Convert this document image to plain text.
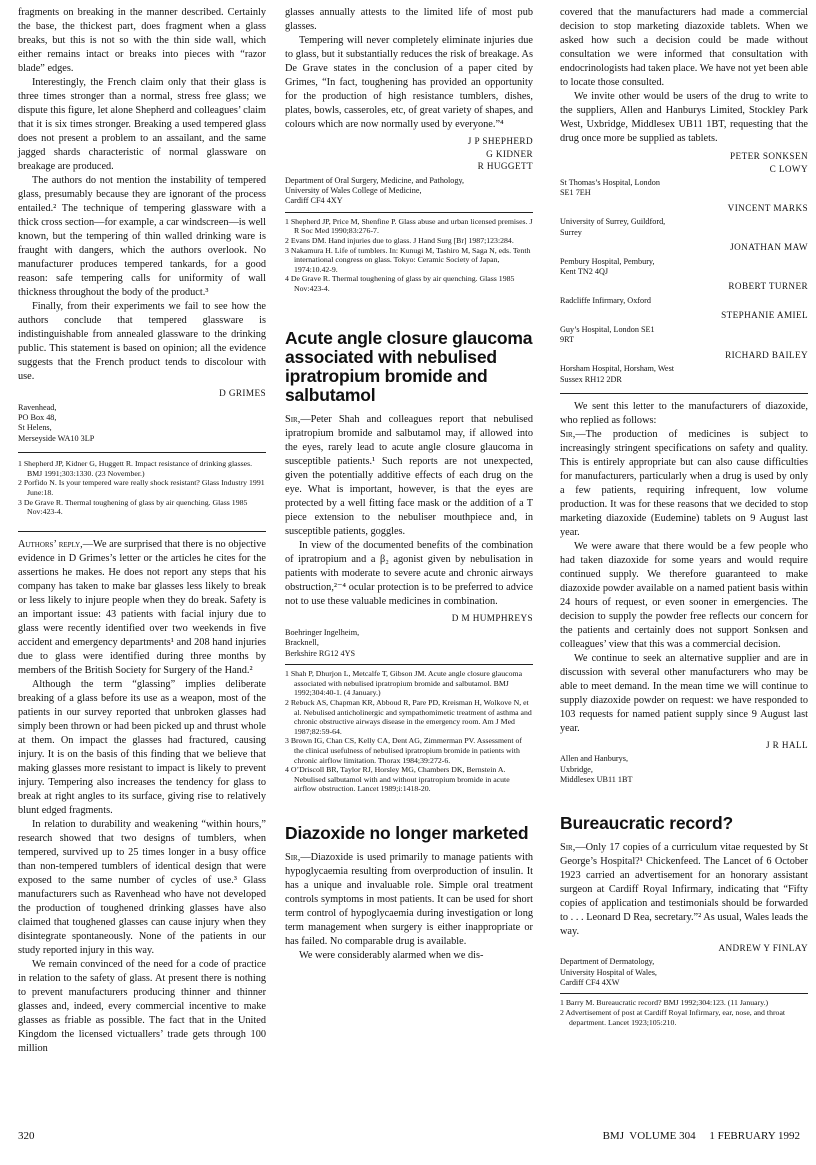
fragments on breaking in the manner described. Certainly the base, the thickest part, does fragment when a glass breaks, but this is not so with the thin side wall, which either remains intact or breaks into pieces with “razor blade” edges.

Interestingly, the French claim only that their glass is three times stronger than a normal, stress free glass; we dispute this figure, let alone Shepherd and colleagues’ claim that it is six times stronger. Breaking a used tempered glass does not present a problem to an assailant, and the same jagged shards characteristic of normal glassware on breakage are produced.

The authors do not mention the instability of tempered glass, presumably because they are ignorant of the process entailed.² The technique of tempering glassware with a thick cross section—for example, a car windscreen—is well known, but the tempering of thin walled drinking ware is fraught with dangers, which the authors overlook. No manufacturer produces tempered tankards, for a good reason: safe tempering calls for uniformity of wall thickness throughout the body of the product.³

Finally, from their experiments we fail to see how the authors conclude that tempered glassware is indistinguishable from annealed glassware to the drinking public. This statement is based on opinion; all the evidence suggests that the French product tends to discolour with use.

D GRIMES
Ravenhead,
PO Box 48,
St Helens,
Merseyside WA10 3LP
1 Shepherd JP, Kidner G, Huggett R. Impact resistance of drinking glasses. BMJ 1991;303:1330. (23 November.)
2 Porfido N. Is your tempered ware really shock resistant? Glass Industry 1991 June:18.
3 De Grave R. Thermal toughening of glass by air quenching. Glass 1985 Nov:423-4.

Authors’ reply,—We are surprised that there is no objective evidence in D Grimes’s letter or the articles he cites for the assertions he makes. He does not report any steps that his company has taken to make bar glasses less likely to break or less likely to injure people when they do break. Safety is an important issue: 43 patients with facial injury due to glass were recently identified over two weekends in five accident and emergency departments¹ and 208 hand injuries due to glass were identified during three months by members of the British Society for Surgery of the Hand.²

Although the term “glassing” implies deliberate breaking of a glass before its use as a weapon, most of the patients in our survey reported that unbroken glasses had simply been thrown or had been picked up and thrust whole at them. On impact the glasses had fractured, causing injury. It is on the basis of this finding that we believe that making glasses more resistant to impact is likely to prevent injury. Tempering also increases the tendency for glass to break at right angles to its surface, giving rise to relatively blunt edged fragments.

In relation to durability and weakening “within hours,” research showed that two designs of tumblers, when tempered, survived up to 25 times longer in a busy office than non-tempered tumblers of identical design that were exposed to the same number of cycles of use.³ Glass manufacturers such as Ravenhead who have not developed the production of toughened drinking glasses have also claimed that toughened glasses can cause injury when they disintegrate spontaneously. None of the patients in our study reported injury in this way.

We remain convinced of the need for a code of practice in relation to the safety of glass. At present there is nothing to prevent manufacturers producing thinner and thinner glasses and, indeed, every commercial incentive to make glasses as friable as possible. The fact that in the United Kingdom the licensed victuallers’ trade gets through 100 million

glasses annually attests to the limited life of most pub glasses.

Tempering will never completely eliminate injuries due to glass, but it substantially reduces the risk of breakage. As De Grave states in the conclusion of a paper cited by Grimes, “In fact, toughening has provided an opportunity for the production of high resistance tumblers, dishes, plates, bowls, casseroles, etc, of great variety of shapes, and colours which are now normally used by everyone.”⁴

J P SHEPHERD
G KIDNER
R HUGGETT
Department of Oral Surgery, Medicine, and Pathology,
University of Wales College of Medicine,
Cardiff CF4 4XY
1 Shepherd JP, Price M, Shenfine P. Glass abuse and urban licensed premises. J R Soc Med 1990;83:276-7.
2 Evans DM. Hand injuries due to glass. J Hand Surg [Br] 1987;123:284.
3 Nakamura H. Life of tumblers. In: Kunugi M, Tashiro M, Saga N, eds. Tenth international congress on glass. Tokyo: Ceramic Society of Japan, 1974:10.42-9.
4 De Grave R. Thermal toughening of glass by air quenching. Glass 1985 Nov:423-4.
Acute angle closure glaucoma associated with nebulised ipratropium bromide and salbutamol

Sir,—Peter Shah and colleagues report that nebulised ipratropium bromide and salbutamol may, if allowed into the eyes, rarely lead to acute angle closure glaucoma in susceptible patients.¹ Such reports are not unexpected, given the potentially additive effects of each drug on the eye. What is important, however, is that the eyes are protected by a well fitting face mask or the addition of a T piece extension to the nebuliser mouthpiece and, in susceptible patients, goggles.

In view of the documented benefits of the combination of ipratropium and a β₂ agonist given by nebulisation in patients with moderate to severe acute and chronic airways obstruction,²⁻⁴ ocular protection is to be preferred to advice not to use these valuable medicines in combination.

D M HUMPHREYS
Boehringer Ingelheim,
Bracknell,
Berkshire RG12 4YS
1 Shah P, Dhurjon L, Metcalfe T, Gibson JM. Acute angle closure glaucoma associated with nebulised ipratropium bromide and salbutamol. BMJ 1992;304:40-1. (4 January.)
2 Rebuck AS, Chapman KR, Abboud R, Pare PD, Kreisman H, Wolkove N, et al. Nebulised anticholinergic and sympathomimetic treatment of asthma and chronic obstructive airways disease in the emergency room. Am J Med 1987;82:59-64.
3 Brown IG, Chan CS, Kelly CA, Dent AG, Zimmerman PV. Assessment of the clinical usefulness of nebulised ipratropium bromide in patients with chronic airflow limitation. Thorax 1984;39:272-6.
4 O’Driscoll BR, Taylor RJ, Horsley MG, Chambers DK, Bernstein A. Nebulised salbutamol with and without ipratropium bromide in acute airflow obstruction. Lancet 1989;i:1418-20.
Diazoxide no longer marketed

Sir,—Diazoxide is used primarily to manage patients with hypoglycaemia resulting from overproduction of insulin. It has a unique and invaluable role. Simple oral treatment controls symptoms in most patients. It can be used for short term control of hypoglycaemia during investigation or long term management when surgery is either inappropriate or has failed. No comparable drug is available.

We were considerably alarmed when we dis-

covered that the manufacturers had made a commercial decision to stop marketing diazoxide tablets. When we asked how such a decision could be made without consultation we were informed that consultation with endocrinologists had taken place. We have not yet been able to locate those consulted.

We invite other would be users of the drug to write to the suppliers, Allen and Hanburys Limited, Stockley Park West, Uxbridge, Middlesex UB11 1BT, requesting that the drug once more be supplied as tablets.

PETER SONKSEN
C LOWY
St Thomas’s Hospital, London SE1 7EH
VINCENT MARKS
University of Surrey, Guildford, Surrey
JONATHAN MAW
Pembury Hospital, Pembury, Kent TN2 4QJ
ROBERT TURNER
Radcliffe Infirmary, Oxford
STEPHANIE AMIEL
Guy’s Hospital, London SE1 9RT
RICHARD BAILEY
Horsham Hospital, Horsham, West Sussex RH12 2DR

We sent this letter to the manufacturers of diazoxide, who replied as follows:

Sir,—The production of medicines is subject to increasingly stringent specifications on safety and quality. This is entirely appropriate but can also cause difficulties for manufacturers, particularly when a drug is used by only a few patients, requiring infrequent, low volume production. It was for these reasons that we decided to stop marketing diazoxide (Eudemine) tablets on 9 August last year.

We were aware that there would be a few people who had taken diazoxide for some years and would require continued supply. We therefore guaranteed to make diazoxide powder available on a named patient basis within 24 hours of request, or even sooner in emergencies. The decision to supply the powder free reflects our concern for the patients and certainly does not support Sonksen and colleagues’ view that this was a commercial decision.

We continue to seek an alternative supplier and are in discussion with several other manufacturers who may be able to meet demand. In the mean time we will continue to supply diazoxide powder on request: we have responded to 103 requests for named patient supply since 9 August last year.

J R HALL
Allen and Hanburys,
Uxbridge,
Middlesex UB11 1BT
Bureaucratic record?

Sir,—Only 17 copies of a curriculum vitae requested by St George’s Hospital?¹ Chickenfeed. The Lancet of 6 October 1923 carried an advertisement for an honorary assistant surgeon at Cardiff Royal Infirmary, indicating that “Fifty copies of application and testimonials should be forwarded to . . . Leonard D Rea, secretary.”² As usual, Wales leads the way.

ANDREW Y FINLAY
Department of Dermatology,
University Hospital of Wales,
Cardiff CF4 4XW
1 Barry M. Bureaucratic record? BMJ 1992;304:123. (11 January.)
2 Advertisement of post at Cardiff Royal Infirmary, ear, nose, and throat department. Lancet 1923;105:210.
320	BMJ  VOLUME 304     1 FEBRUARY 1992
